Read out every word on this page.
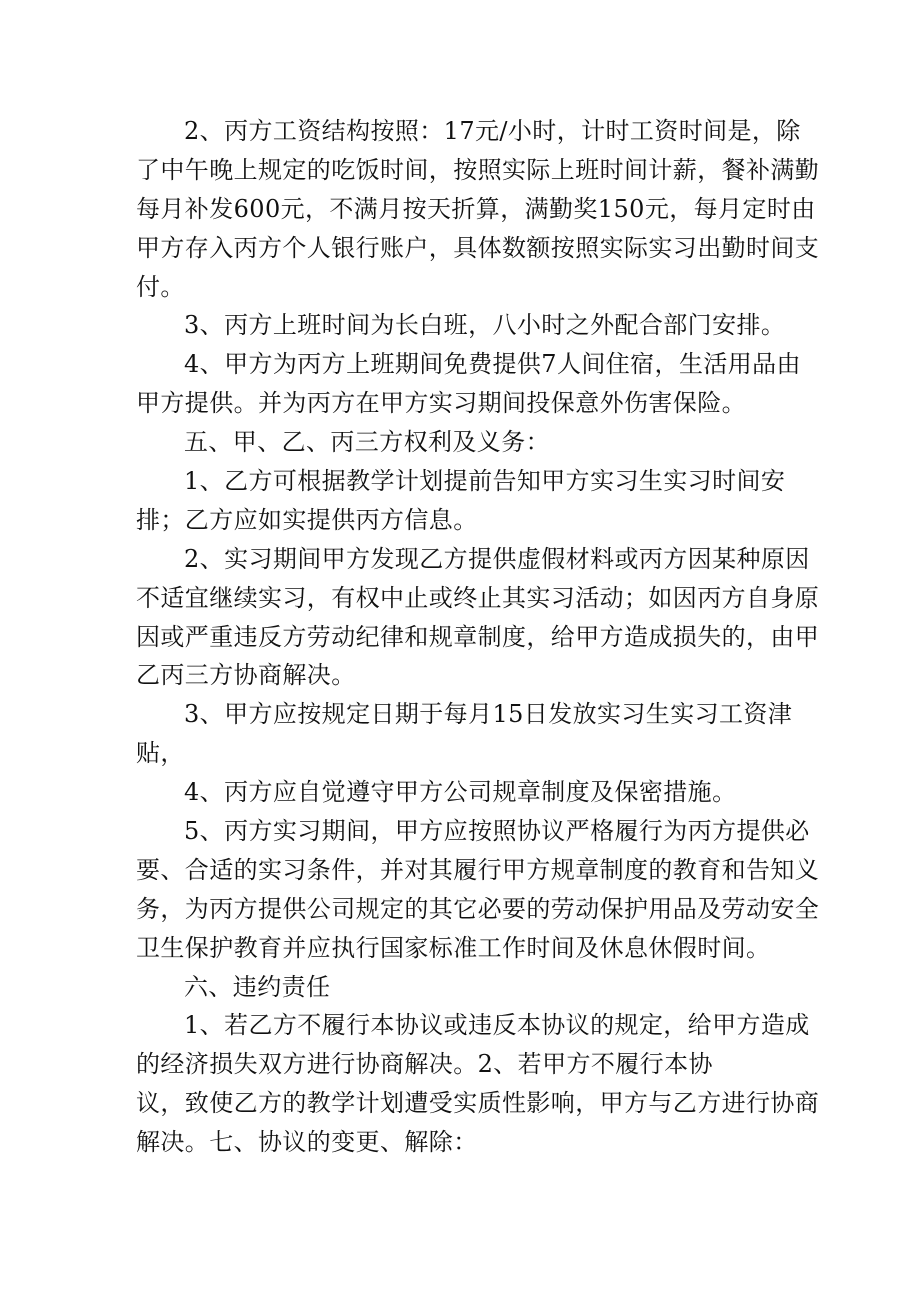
2、丙方工资结构按照：17元/小时，计时工资时间是，除
了中午晚上规定的吃饭时间，按照实际上班时间计薪，餐补满勤
每月补发600元，不满月按天折算，满勤奖150元，每月定时由
甲方存入丙方个人银行账户，具体数额按照实际实习出勤时间支
付。
3、丙方上班时间为长白班，八小时之外配合部门安排。
4、甲方为丙方上班期间免费提供7人间住宿，生活用品由
甲方提供。并为丙方在甲方实习期间投保意外伤害保险。
五、甲、乙、丙三方权利及义务：
1、乙方可根据教学计划提前告知甲方实习生实习时间安
排；乙方应如实提供丙方信息。
2、实习期间甲方发现乙方提供虚假材料或丙方因某种原因
不适宜继续实习，有权中止或终止其实习活动；如因丙方自身原
因或严重违反方劳动纪律和规章制度，给甲方造成损失的，由甲
乙丙三方协商解决。
3、甲方应按规定日期于每月15日发放实习生实习工资津
贴，
4、丙方应自觉遵守甲方公司规章制度及保密措施。
5、丙方实习期间，甲方应按照协议严格履行为丙方提供必
要、合适的实习条件，并对其履行甲方规章制度的教育和告知义
务，为丙方提供公司规定的其它必要的劳动保护用品及劳动安全
卫生保护教育并应执行国家标准工作时间及休息休假时间。
六、违约责任
1、若乙方不履行本协议或违反本协议的规定，给甲方造成
的经济损失双方进行协商解决。2、若甲方不履行本协
议，致使乙方的教学计划遭受实质性影响，甲方与乙方进行协商
解决。七、协议的变更、解除：
